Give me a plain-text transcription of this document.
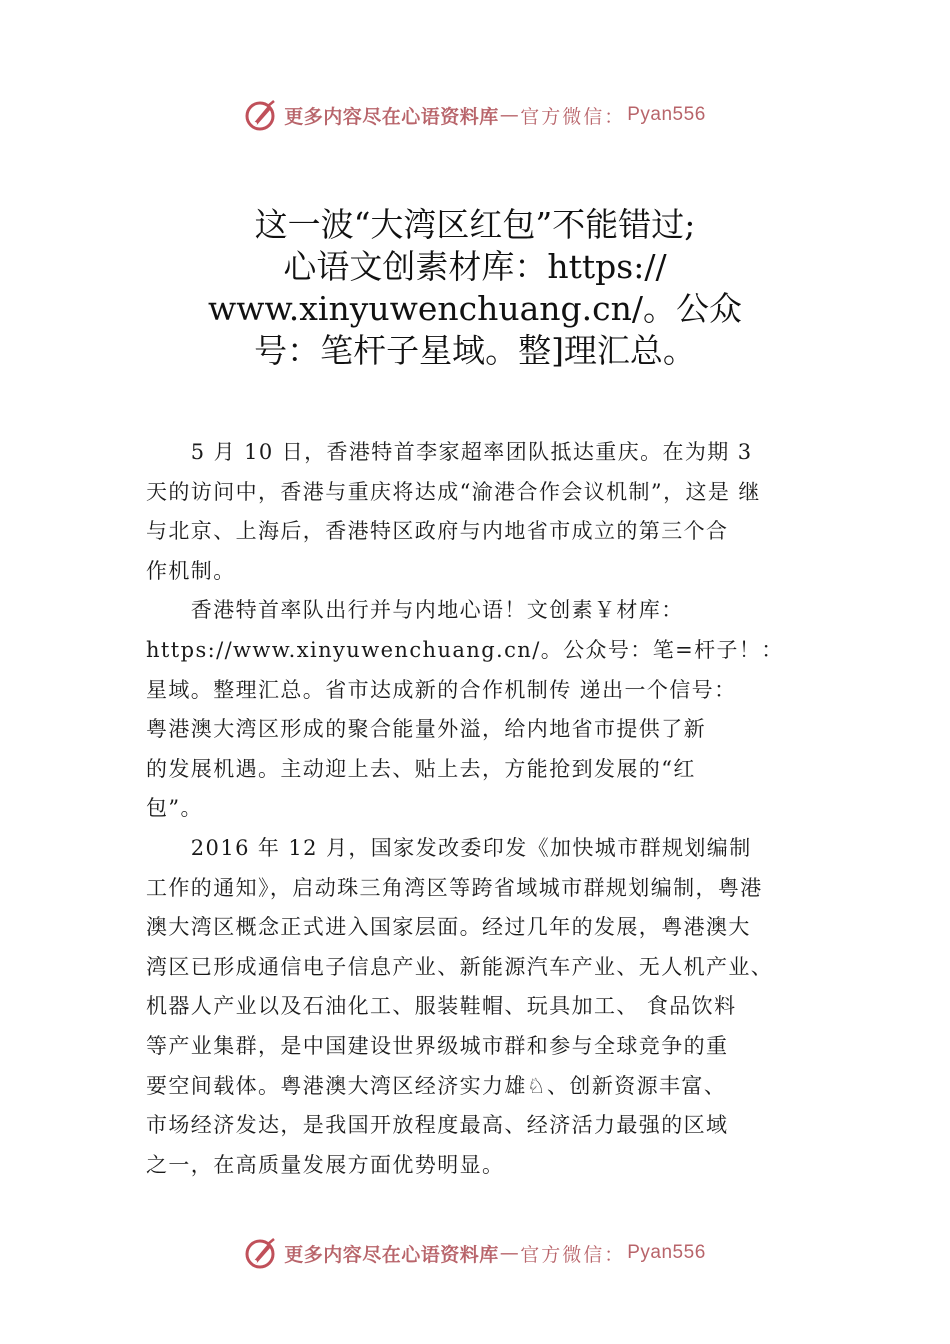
更多内容尽在心语资料库 — 官方微信： Pyan556
这一波“大湾区红包”不能错过;
心语文创素材库：https://
www.xinyuwenchuang.cn/。公众
号：笔杆子星域。整]理汇总。
　　5 月 10 日，香港特首李家超率团队抵达重庆。在为期 3
天的访问中，香港与重庆将达成“渝港合作会议机制”，这是 继
与北京、上海后，香港特区政府与内地省市成立的第三个合
作机制。
　　香港特首率队出行并与内地心语！文创素￥材库：
https://www.xinyuwenchuang.cn/。公众号：笔=杆子！：
星域。整理汇总。省市达成新的合作机制传 递出一个信号：
粤港澳大湾区形成的聚合能量外溢，给内地省市提供了新
的发展机遇。主动迎上去、贴上去，方能抢到发展的“红
包”。
　　2016 年 12 月，国家发改委印发《加快城市群规划编制
工作的通知》，启动珠三角湾区等跨省域城市群规划编制，粤港
澳大湾区概念正式进入国家层面。经过几年的发展，粤港澳大
湾区已形成通信电子信息产业、新能源汽车产业、无人机产业、
机器人产业以及石油化工、服装鞋帽、玩具加工、 食品饮料
等产业集群，是中国建设世界级城市群和参与全球竞争的重
要空间载体。粤港澳大湾区经济实力雄♘、创新资源丰富、
市场经济发达，是我国开放程度最高、经济活力最强的区域
之一，在高质量发展方面优势明显。
更多内容尽在心语资料库 — 官方微信： Pyan556
